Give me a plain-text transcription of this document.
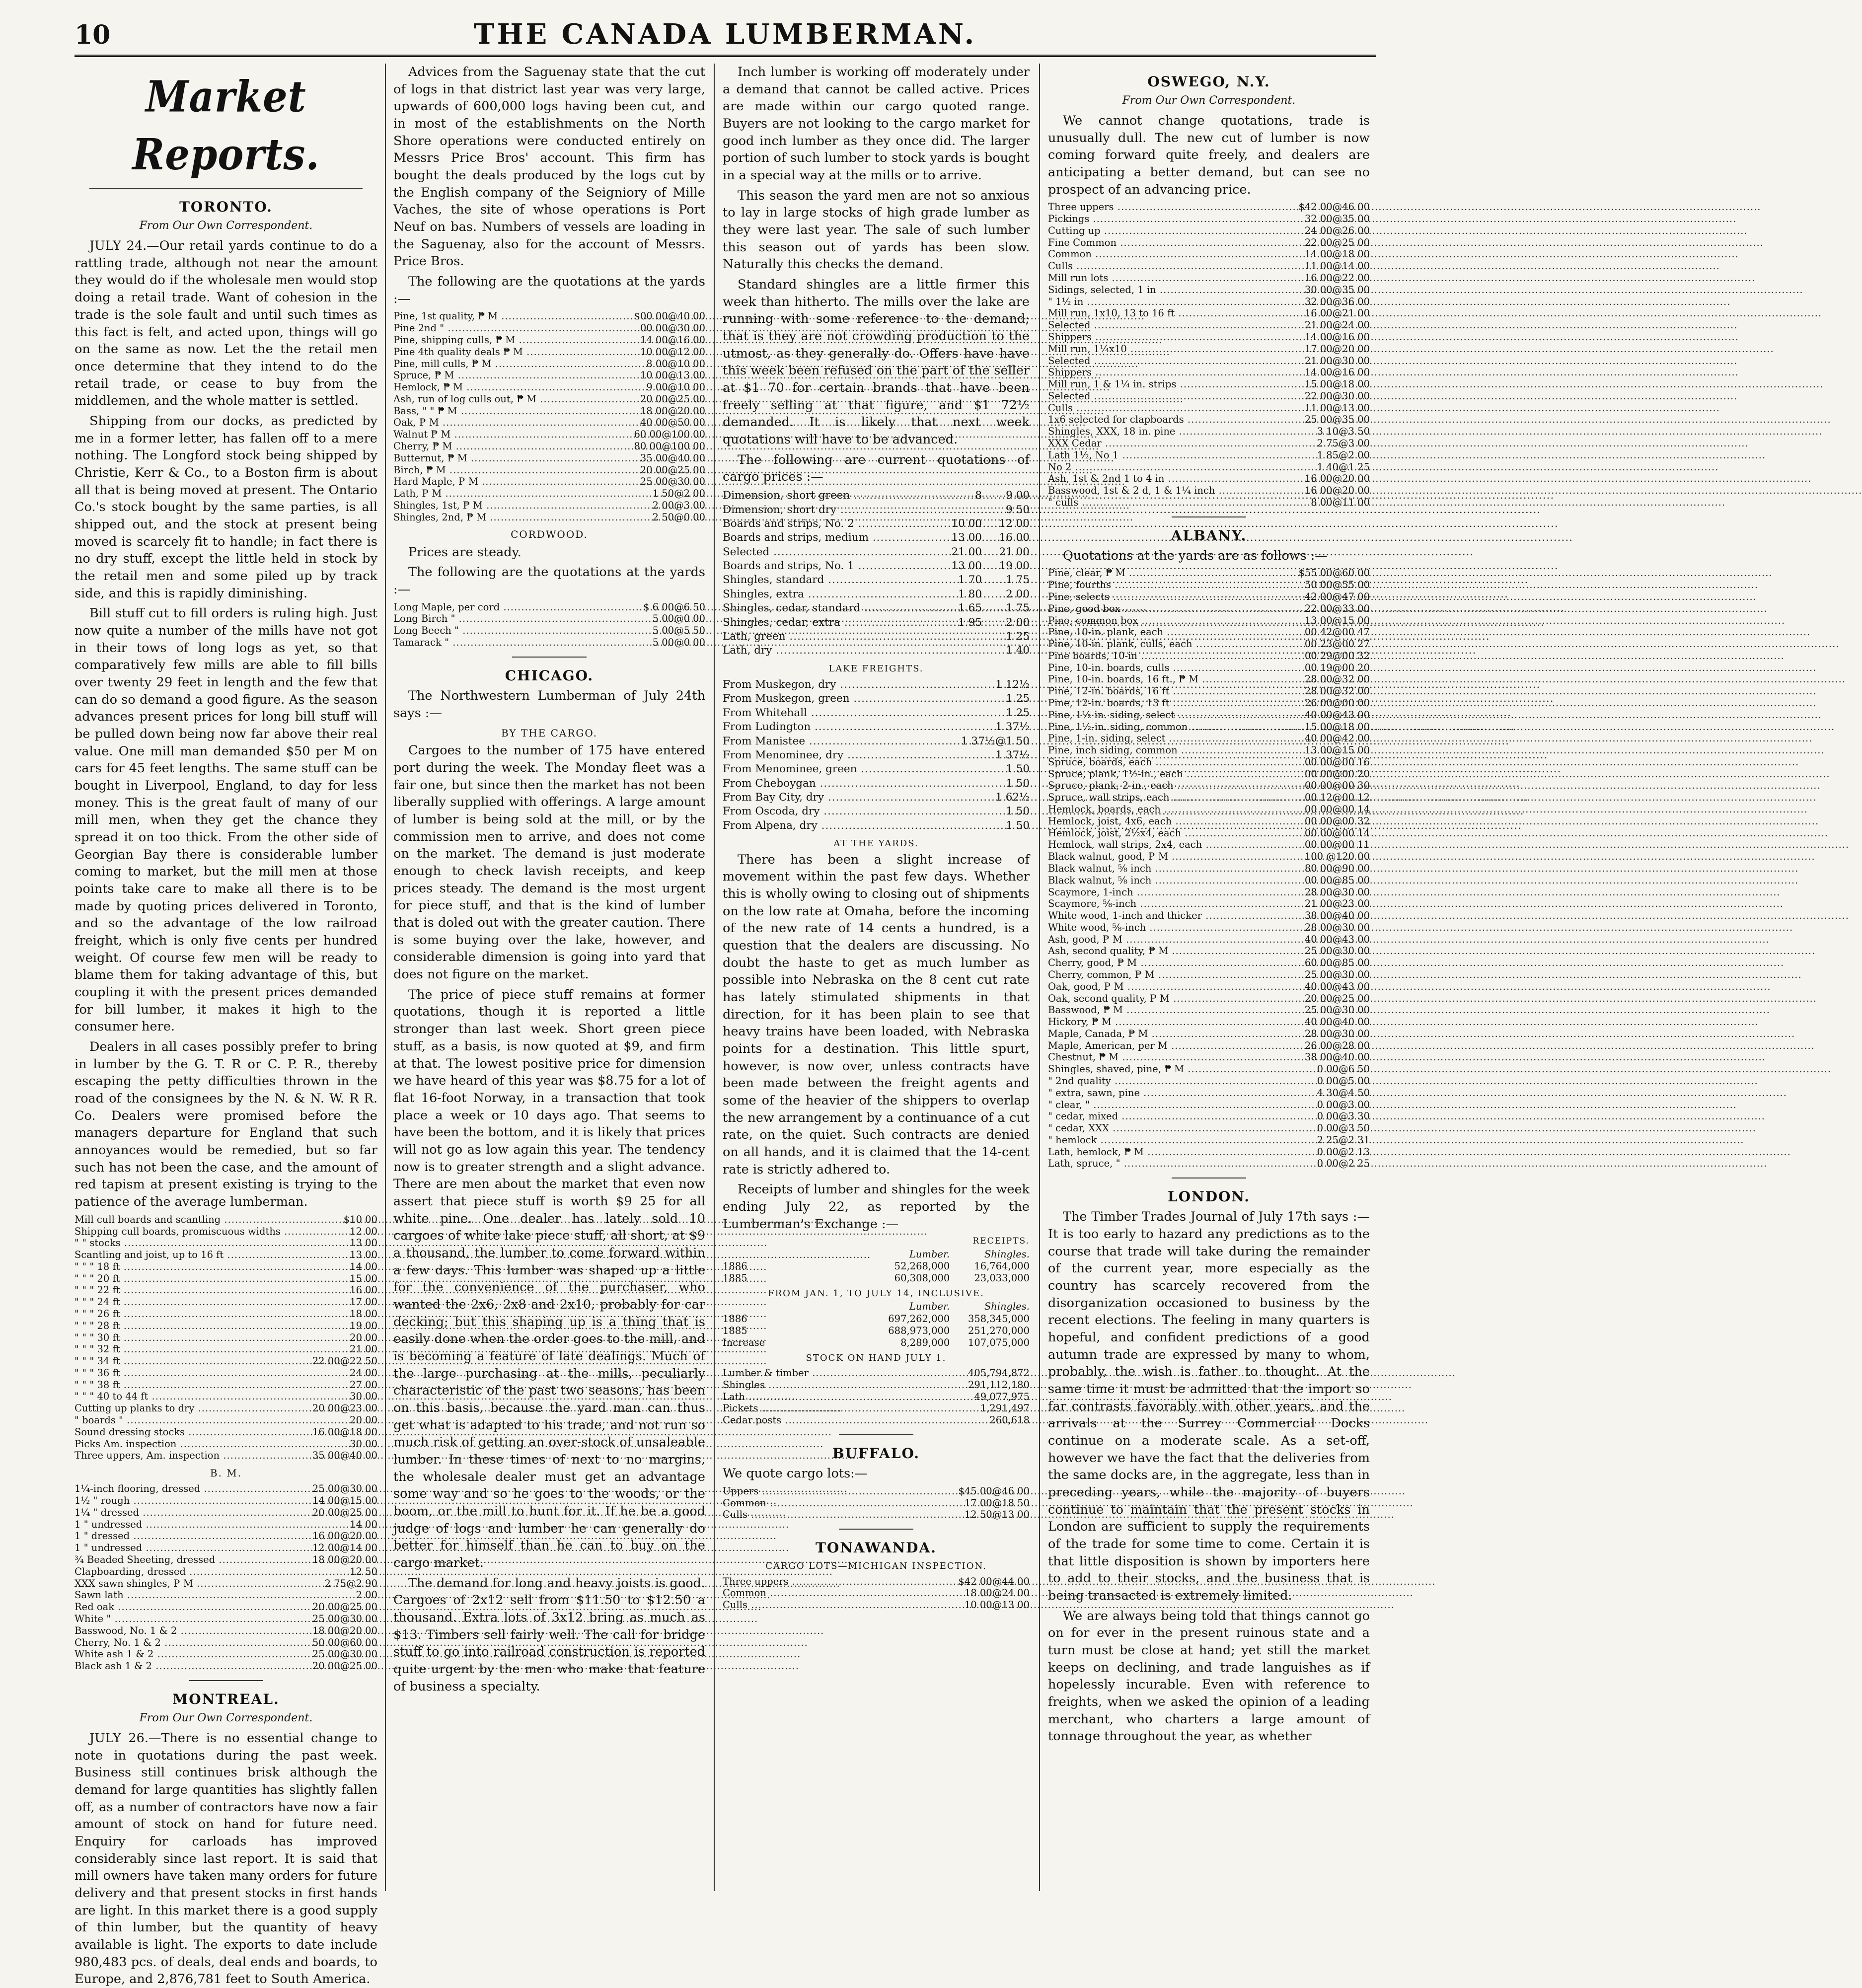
10	THE CANADA LUMBERMAN.
Market Reports.
TORONTO.
From Our Own Correspondent.

JULY 24.—Our retail yards continue to do a rattling trade, although not near the amount they would do if the wholesale men would stop doing a retail trade. Want of cohesion in the trade is the sole fault and until such times as this fact is felt, and acted upon, things will go on the same as now. Let the the retail men once determine that they intend to do the retail trade, or cease to buy from the middlemen, and the whole matter is settled.

Shipping from our docks, as predicted by me in a former letter, has fallen off to a mere nothing. The Longford stock being shipped by Christie, Kerr & Co., to a Boston firm is about all that is being moved at present. The Ontario Co.'s stock bought by the same parties, is all shipped out, and the stock at present being moved is scarcely fit to handle; in fact there is no dry stuff, except the little held in stock by the retail men and some piled up by track side, and this is rapidly diminishing.

Bill stuff cut to fill orders is ruling high. Just now quite a number of the mills have not got in their tows of long logs as yet, so that comparatively few mills are able to fill bills over twenty 29 feet in length and the few that can do so demand a good figure. As the season advances present prices for long bill stuff will be pulled down being now far above their real value. One mill man demanded $50 per M on cars for 45 feet lengths. The same stuff can be bought in Liverpool, England, to day for less money. This is the great fault of many of our mill men, when they get the chance they spread it on too thick. From the other side of Georgian Bay there is considerable lumber coming to market, but the mill men at those points take care to make all there is to be made by quoting prices delivered in Toronto, and so the advantage of the low railroad freight, which is only five cents per hundred weight. Of course few men will be ready to blame them for taking advantage of this, but coupling it with the present prices demanded for bill lumber, it makes it high to the consumer here.

Dealers in all cases possibly prefer to bring in lumber by the G. T. R or C. P. R., thereby escaping the petty difficulties thrown in the road of the consignees by the N. & N. W. R R. Co. Dealers were promised before the managers departure for England that such annoyances would be remedied, but so far such has not been the case, and the amount of red tapism at present existing is trying to the patience of the average lumberman.

Mill cull boards and scantling .....	$10 00
Shipping cull boards, promiscuous widths .....	12 00
" " stocks .....	13 00
Scantling and joist, up to 16 ft .....	13 00
" " " 18 ft .....	14 00
" " " 20 ft .....	15 00
" " " 22 ft .....	16 00
" " " 24 ft .....	17 00
" " " 26 ft .....	18 00
" " " 28 ft .....	19 00
" " " 30 ft .....	20 00
" " " 32 ft .....	21 00
" " " 34 ft .....	22 00@22 50
" " " 36 ft .....	24 00
" " " 38 ft .....	27 00
" " " 40 to 44 ft .....	30 00
Cutting up planks to dry .....	20 00@23 00
" boards " .....	20 00
Sound dressing stocks .....	16 00@18 00
Picks Am. inspection .....	30 00
Three uppers, Am. inspection .....	35 00@40 00
B. M.
1¼-inch flooring, dressed .....	25 00@30 00
1½ " rough .....	14 00@15 00
1¼ " dressed .....	20 00@25 00
1 " undressed .....	14 00
1 " dressed .....	16 00@20 00
1 " undressed .....	12 00@14 00
¾ Beaded Sheeting, dressed .....	18 00@20 00
Clapboarding, dressed .....	12 50
XXX sawn shingles, ₱ M .....	2 75@2 90
Sawn lath .....	2 00
Red oak .....	20 00@25 00
White " .....	25 00@30 00
Basswood, No. 1 & 2 .....	18 00@20 00
Cherry, No. 1 & 2 .....	50 00@60 00
White ash 1 & 2 .....	25 00@30 00
Black ash 1 & 2 .....	20 00@25 00
MONTREAL.
From Our Own Correspondent.

JULY 26.—There is no essential change to note in quotations during the past week. Business still continues brisk although the demand for large quantities has slightly fallen off, as a number of contractors have now a fair amount of stock on hand for future need. Enquiry for carloads has improved considerably since last report. It is said that mill owners have taken many orders for future delivery and that present stocks in first hands are light. In this market there is a good supply of thin lumber, but the quantity of heavy available is light. The exports to date include 980,483 pcs. of deals, deal ends and boards, to Europe, and 2,876,781 feet to South America.

Advices from the Saguenay state that the cut of logs in that district last year was very large, upwards of 600,000 logs having been cut, and in most of the establishments on the North Shore operations were conducted entirely on Messrs Price Bros' account. This firm has bought the deals produced by the logs cut by the English company of the Seigniory of Mille Vaches, the site of whose operations is Port Neuf on bas. Numbers of vessels are loading in the Saguenay, also for the account of Messrs. Price Bros.

The following are the quotations at the yards :—

Pine, 1st quality, ₱ M .....	$00 00@40 00
Pine 2nd " .....	00 00@30 00
Pine, shipping culls, ₱ M .....	14 00@16 00
Pine 4th quality deals ₱ M .....	10 00@12 00
Pine, mill culls, ₱ M .....	8 00@10 00
Spruce, ₱ M .....	10 00@13 00
Hemlock, ₱ M .....	9 00@10 00
Ash, run of log culls out, ₱ M .....	20 00@25 00
Bass, " " ₱ M .....	18 00@20 00
Oak, ₱ M .....	40 00@50 00
Walnut ₱ M .....	60 00@100 00
Cherry, ₱ M .....	80 00@100 00
Butternut, ₱ M .....	35 00@40 00
Birch, ₱ M .....	20 00@25 00
Hard Maple, ₱ M .....	25 00@30 00
Lath, ₱ M .....	1 50@2 00
Shingles, 1st, ₱ M .....	2 00@3 00
Shingles, 2nd, ₱ M .....	2 50@0 00
CORDWOOD.

Prices are steady.

The following are the quotations at the yards :—

Long Maple, per cord .....	$ 6 00@6 50
Long Birch " .....	5 00@0 00
Long Beech " .....	5 00@5 50
Tamarack " .....	5 00@0 00
CHICAGO.

The Northwestern Lumberman of July 24th says :—

BY THE CARGO.

Cargoes to the number of 175 have entered port during the week. The Monday fleet was a fair one, but since then the market has not been liberally supplied with offerings. A large amount of lumber is being sold at the mill, or by the commission men to arrive, and does not come on the market. The demand is just moderate enough to check lavish receipts, and keep prices steady. The demand is the most urgent for piece stuff, and that is the kind of lumber that is doled out with the greater caution. There is some buying over the lake, however, and considerable dimension is going into yard that does not figure on the market.

The price of piece stuff remains at former quotations, though it is reported a little stronger than last week. Short green piece stuff, as a basis, is now quoted at $9, and firm at that. The lowest positive price for dimension we have heard of this year was $8.75 for a lot of flat 16-foot Norway, in a transaction that took place a week or 10 days ago. That seems to have been the bottom, and it is likely that prices will not go as low again this year. The tendency now is to greater strength and a slight advance. There are men about the market that even now assert that piece stuff is worth $9 25 for all white pine. One dealer has lately sold 10 cargoes of white lake piece stuff, all short, at $9 a thousand, the lumber to come forward within a few days. This lumber was shaped up a little for the convenience of the purchaser, who wanted the 2x6, 2x8 and 2x10, probably for car decking; but this shaping up is a thing that is easily done when the order goes to the mill, and is becoming a feature of late dealings. Much of the large purchasing at the mills, peculiarly characteristic of the past two seasons, has been on this basis, because the yard man can thus get what is adapted to his trade, and not run so much risk of getting an over-stock of unsaleable lumber. In these times of next to no margins, the wholesale dealer must get an advantage some way and so he goes to the woods, or the boom, or the mill to hunt for it. If he be a good judge of logs and lumber he can generally do better for himself than he can to buy on the cargo market.

The demand for long and heavy joists is good. Cargoes of 2x12 sell from $11.50 to $12.50 a thousand. Extra lots of 3x12 bring as much as $13. Timbers sell fairly well. The call for bridge stuff to go into railroad construction is reported quite urgent by the men who make that feature of business a specialty.

Inch lumber is working off moderately under a demand that cannot be called active. Prices are made within our cargo quoted range. Buyers are not looking to the cargo market for good inch lumber as they once did. The larger portion of such lumber to stock yards is bought in a special way at the mills or to arrive.

This season the yard men are not so anxious to lay in large stocks of high grade lumber as they were last year. The sale of such lumber this season out of yards has been slow. Naturally this checks the demand.

Standard shingles are a little firmer this week than hitherto. The mills over the lake are running with some reference to the demand; that is they are not crowding production to the utmost, as they generally do. Offers have have this week been refused on the part of the seller at $1 70 for certain brands that have been freely selling at that figure, and $1 72½ demanded. It is likely that next week quotations will have to be advanced.

The following are current quotations of cargo prices :—

Dimension, short green .....	8	9 00
Dimension, short dry .....		9 50
Boards and strips, No. 2 .....	10 00	12 00
Boards and strips, medium .....	13 00	16 00
Selected .....	21 00	21 00
Boards and strips, No. 1 .....	13 00	19 00
Shingles, standard .....	1 70	1 75
Shingles, extra .....	1 80	2 00
Shingles, cedar, standard .....	1 65	1 75
Shingles, cedar, extra .....	1 95	2 00
Lath, green .....		1 25
Lath, dry .....		1 40
LAKE FREIGHTS.
From Muskegon, dry .....	1 12½
From Muskegon, green .....	1 25
From Whitehall .....	1 25
From Ludington .....	1 37½
From Manistee .....	1 37½@1 50
From Menominee, dry .....	1 37½
From Menominee, green .....	1 50
From Cheboygan .....	1 50
From Bay City, dry .....	1 62½
From Oscoda, dry .....	1 50
From Alpena, dry .....	1 50
AT THE YARDS.

There has been a slight increase of movement within the past few days. Whether this is wholly owing to closing out of shipments on the low rate at Omaha, before the incoming of the new rate of 14 cents a hundred, is a question that the dealers are discussing. No doubt the haste to get as much lumber as possible into Nebraska on the 8 cent cut rate has lately stimulated shipments in that direction, for it has been plain to see that heavy trains have been loaded, with Nebraska points for a destination. This little spurt, however, is now over, unless contracts have been made between the freight agents and some of the heavier of the shippers to overlap the new arrangement by a continuance of a cut rate, on the quiet. Such contracts are denied on all hands, and it is claimed that the 14-cent rate is strictly adhered to.

Receipts of lumber and shingles for the week ending July 22, as reported by the Lumberman's Exchange :—

RECEIPTS.
	Lumber.	Shingles.
1886	52,268,000	16,764,000
1885	60,308,000	23,033,000
FROM JAN. 1, TO JULY 14, INCLUSIVE.
	Lumber.	Shingles.
1886	697,262,000	358,345,000
1885	688,973,000	251,270,000
Increase	8,289,000	107,075,000
STOCK ON HAND JULY 1.
Lumber & timber .....	405,794,872
Shingles .....	291,112,180
Lath .....	49,077,975
Pickets .....	1,291,497
Cedar posts .....	260,618
BUFFALO.

We quote cargo lots:—

Uppers .....	$45 00@46 00
Common .....	17 00@18 50
Culls .....	12 50@13 00
TONAWANDA.
CARGO LOTS—MICHIGAN INSPECTION.
Three uppers .....	$42 00@44 00
Common .....	18 00@24 00
Culls .....	10 00@13 00
OSWEGO, N.Y.
From Our Own Correspondent.

We cannot change quotations, trade is unusually dull. The new cut of lumber is now coming forward quite freely, and dealers are anticipating a better demand, but can see no prospect of an advancing price.

Three uppers .....	$42 00@46 00
Pickings .....	32 00@35 00
Cutting up .....	24 00@26 00
Fine Common .....	22 00@25 00
Common .....	14 00@18 00
Culls .....	11 00@14 00
Mill run lots .....	16 00@22 00
Sidings, selected, 1 in .....	30 00@35 00
" 1½ in .....	32 00@36 00
Mill run, 1x10, 13 to 16 ft .....	16 00@21 00
Selected .....	21 00@24 00
Shippers .....	14 00@16 00
Mill run, 1¼x10 .....	17 00@20 00
Selected .....	21 00@30 00
Shippers .....	14 00@16 00
Mill run, 1 & 1¼ in. strips .....	15 00@18 00
Selected .....	22 00@30 00
Culls .....	11 00@13 00
1x6 selected for clapboards .....	25 00@35 00
Shingles, XXX, 18 in. pine .....	3 10@3 50
XXX Cedar .....	2 75@3 00
Lath 1½, No 1 .....	1 85@2 00
No 2 .....	1 40@1 25
Ash, 1st & 2nd 1 to 4 in .....	16 00@20 00
Basswood, 1st & 2 d, 1 & 1¼ inch .....	16 00@20 00
" culls .....	8 00@11 00
ALBANY.

Quotations at the yards are as follows :—

Pine, clear, ₱ M .....	$55 00@60 00
Pine, fourths .....	50 00@55 00
Pine, selects .....	42 00@47 00
Pine, good box .....	22 00@33 00
Pine, common box .....	13 00@15 00
Pine, 10-in. plank, each .....	00 42@00 47
Pine, 10-in. plank, culls, each .....	00 23@00 27
Pine boards, 10-in .....	00 29@00 32
Pine, 10-in. boards, culls .....	00 19@00 20
Pine, 10-in. boards, 16 ft., ₱ M .....	28 00@32 00
Pine, 12-in. boards, 16 ft .....	28 00@32 00
Pine, 12-in. boards, 13 ft .....	26 00@00 00
Pine, 1½ in. siding, select .....	40 00@43 00
Pine, 1½-in. siding, common .....	15 00@18 00
Pine, 1-in. siding, select .....	40 00@42 00
Pine, inch siding, common .....	13 00@15 00
Spruce, boards, each .....	00 00@00 16
Spruce, plank, 1½-in., each .....	00 00@00 20
Spruce, plank, 2-in., each .....	00 00@00 30
Spruce, wall strips, each .....	00 12@00 12
Hemlock, boards, each .....	00 00@00 14
Hemlock, joist, 4x6, each .....	00 00@00 32
Hemlock, joist, 2½x4, each .....	00 00@00 14
Hemlock, wall strips, 2x4, each .....	00 00@00 11
Black walnut, good, ₱ M .....	100 @120 00
Black walnut, ⅝ inch .....	80 00@90 00
Black walnut, ⅝ inch .....	00 00@85 00
Scaymore, 1-inch .....	28 00@30 00
Scaymore, ⅝-inch .....	21 00@23 00
White wood, 1-inch and thicker .....	38 00@40 00
White wood, ⅝-inch .....	28 00@30 00
Ash, good, ₱ M .....	40 00@43 00
Ash, second quality, ₱ M .....	25 00@30 00
Cherry, good, ₱ M .....	60 00@85 00
Cherry, common, ₱ M .....	25 00@30 00
Oak, good, ₱ M .....	40 00@43 00
Oak, second quality, ₱ M .....	20 00@25 00
Basswood, ₱ M .....	25 00@30 00
Hickory, ₱ M .....	40 00@40 00
Maple, Canada, ₱ M .....	28 00@30 00
Maple, American, per M .....	26 00@28 00
Chestnut, ₱ M .....	38 00@40 00
Shingles, shaved, pine, ₱ M .....	0 00@6 50
" 2nd quality .....	0 00@5 00
" extra, sawn, pine .....	4 30@4 50
" clear, " .....	0 00@3 00
" cedar, mixed .....	0 00@3 30
" cedar, XXX .....	0 00@3 50
" hemlock .....	2 25@2 31
Lath, hemlock, ₱ M .....	0 00@2 13
Lath, spruce, " .....	0 00@2 25
LONDON.

The Timber Trades Journal of July 17th says :—It is too early to hazard any predictions as to the course that trade will take during the remainder of the current year, more especially as the country has scarcely recovered from the disorganization occasioned to business by the recent elections. The feeling in many quarters is hopeful, and confident predictions of a good autumn trade are expressed by many to whom, probably, the wish is father to thought. At the same time it must be admitted that the import so far contrasts favorably with other years, and the arrivals at the Surrey Commercial Docks continue on a moderate scale. As a set-off, however we have the fact that the deliveries from the same docks are, in the aggregate, less than in preceding years, while the majority of buyers continue to maintain that the present stocks in London are sufficient to supply the requirements of the trade for some time to come. Certain it is that little disposition is shown by importers here to add to their stocks, and the business that is being transacted is extremely limited.

We are always being told that things cannot go on for ever in the present ruinous state and a turn must be close at hand; yet still the market keeps on declining, and trade languishes as if hopelessly incurable. Even with reference to freights, when we asked the opinion of a leading merchant, who charters a large amount of tonnage throughout the year, as whether
